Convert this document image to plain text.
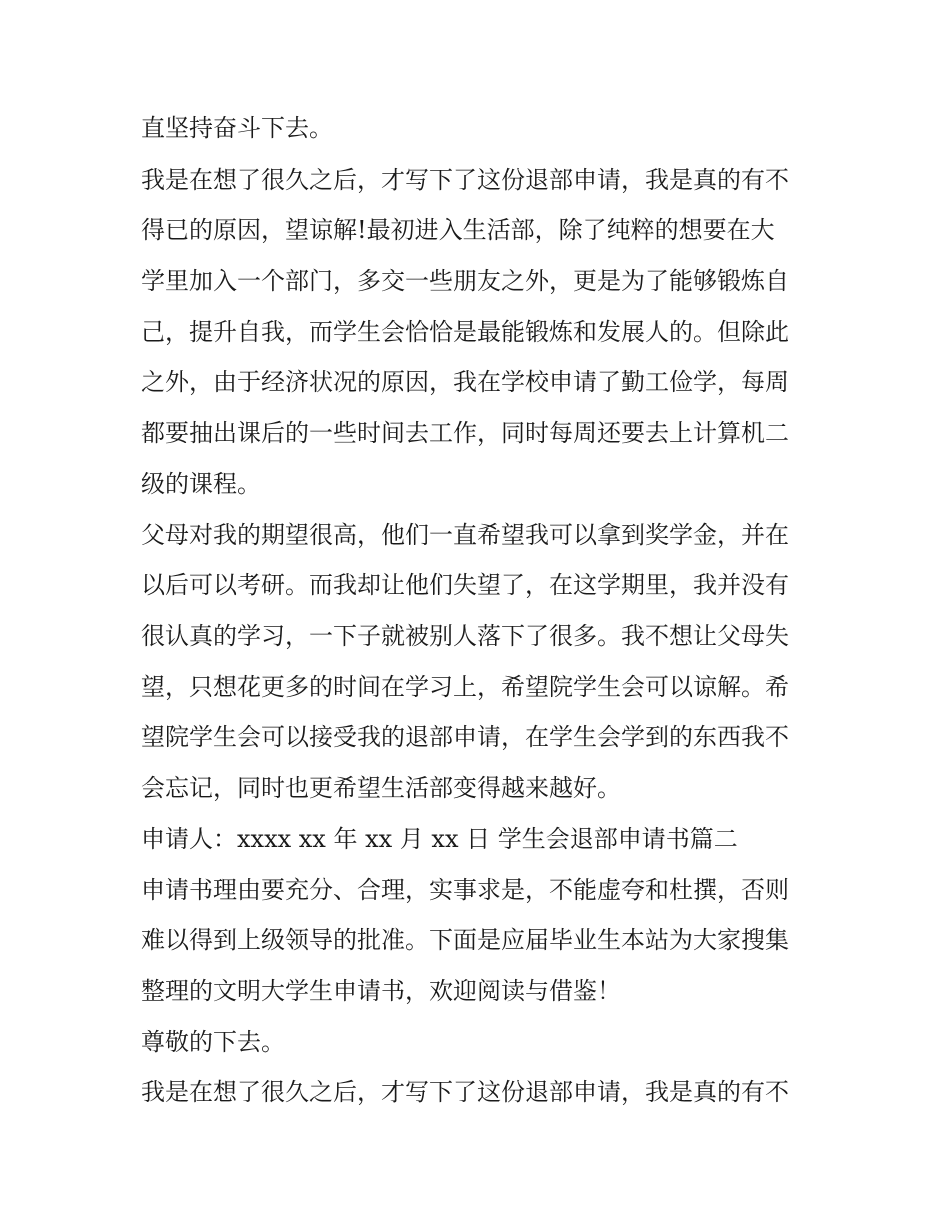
直坚持奋斗下去。
我是在想了很久之后，才写下了这份退部申请，我是真的有不
得已的原因，望谅解!最初进入生活部，除了纯粹的想要在大
学里加入一个部门，多交一些朋友之外，更是为了能够锻炼自
己，提升自我，而学生会恰恰是最能锻炼和发展人的。但除此
之外，由于经济状况的原因，我在学校申请了勤工俭学，每周
都要抽出课后的一些时间去工作，同时每周还要去上计算机二
级的课程。
父母对我的期望很高，他们一直希望我可以拿到奖学金，并在
以后可以考研。而我却让他们失望了，在这学期里，我并没有
很认真的学习，一下子就被别人落下了很多。我不想让父母失
望，只想花更多的时间在学习上，希望院学生会可以谅解。希
望院学生会可以接受我的退部申请，在学生会学到的东西我不
会忘记，同时也更希望生活部变得越来越好。
申请人：xxxx xx 年 xx 月 xx 日 学生会退部申请书篇二
申请书理由要充分、合理，实事求是，不能虚夸和杜撰，否则
难以得到上级领导的批准。下面是应届毕业生本站为大家搜集
整理的文明大学生申请书，欢迎阅读与借鉴！
尊敬的下去。
我是在想了很久之后，才写下了这份退部申请，我是真的有不
